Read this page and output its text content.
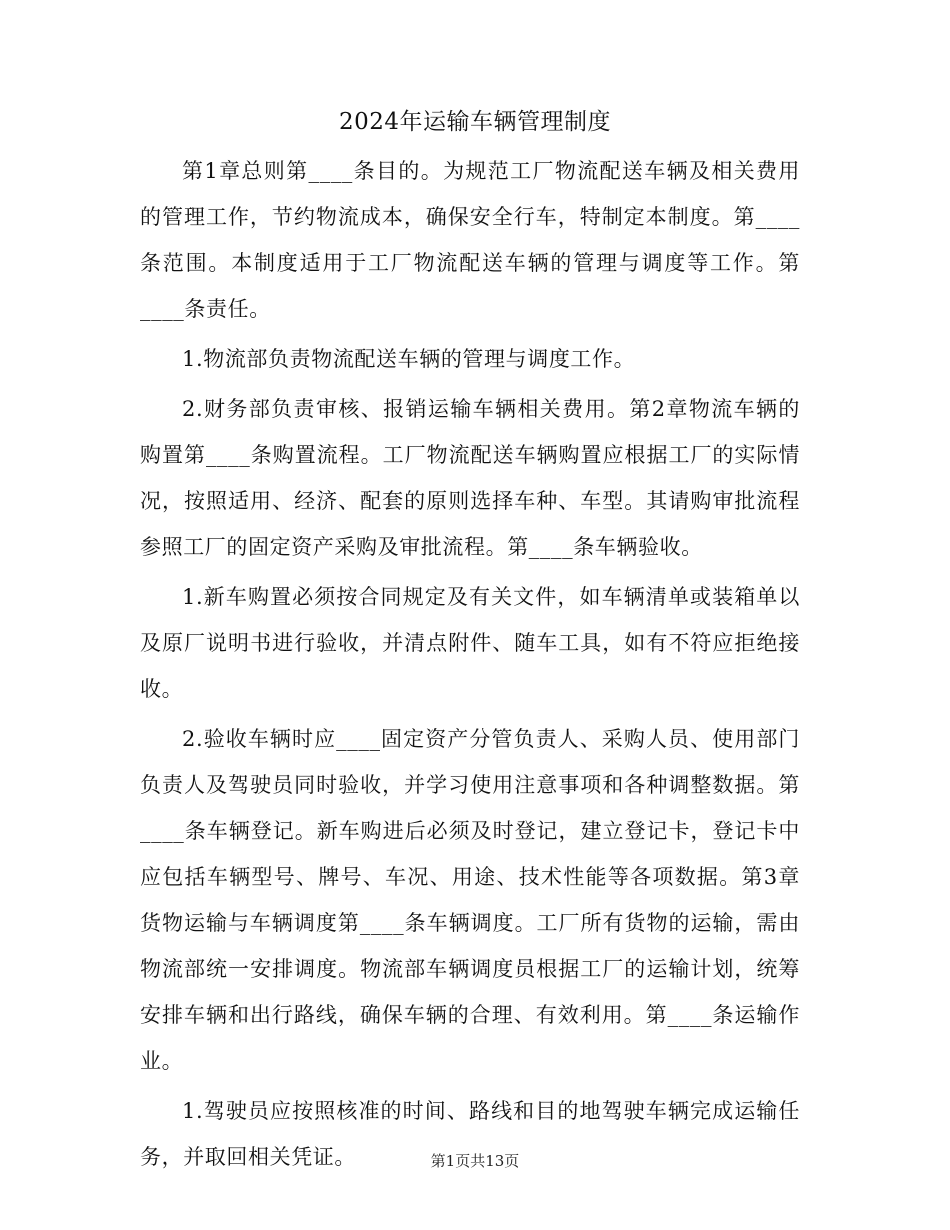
2024年运输车辆管理制度

第1章总则第____条目的。为规范工厂物流配送车辆及相关费用的管理工作，节约物流成本，确保安全行车，特制定本制度。第____条范围。本制度适用于工厂物流配送车辆的管理与调度等工作。第____条责任。

1.物流部负责物流配送车辆的管理与调度工作。

2.财务部负责审核、报销运输车辆相关费用。第2章物流车辆的购置第____条购置流程。工厂物流配送车辆购置应根据工厂的实际情况，按照适用、经济、配套的原则选择车种、车型。其请购审批流程参照工厂的固定资产采购及审批流程。第____条车辆验收。

1.新车购置必须按合同规定及有关文件，如车辆清单或装箱单以及原厂说明书进行验收，并清点附件、随车工具，如有不符应拒绝接收。

2.验收车辆时应____固定资产分管负责人、采购人员、使用部门负责人及驾驶员同时验收，并学习使用注意事项和各种调整数据。第____条车辆登记。新车购进后必须及时登记，建立登记卡，登记卡中应包括车辆型号、牌号、车况、用途、技术性能等各项数据。第3章货物运输与车辆调度第____条车辆调度。工厂所有货物的运输，需由物流部统一安排调度。物流部车辆调度员根据工厂的运输计划，统筹安排车辆和出行路线，确保车辆的合理、有效利用。第____条运输作业。

1.驾驶员应按照核准的时间、路线和目的地驾驶车辆完成运输任务，并取回相关凭证。	第1页共13页
